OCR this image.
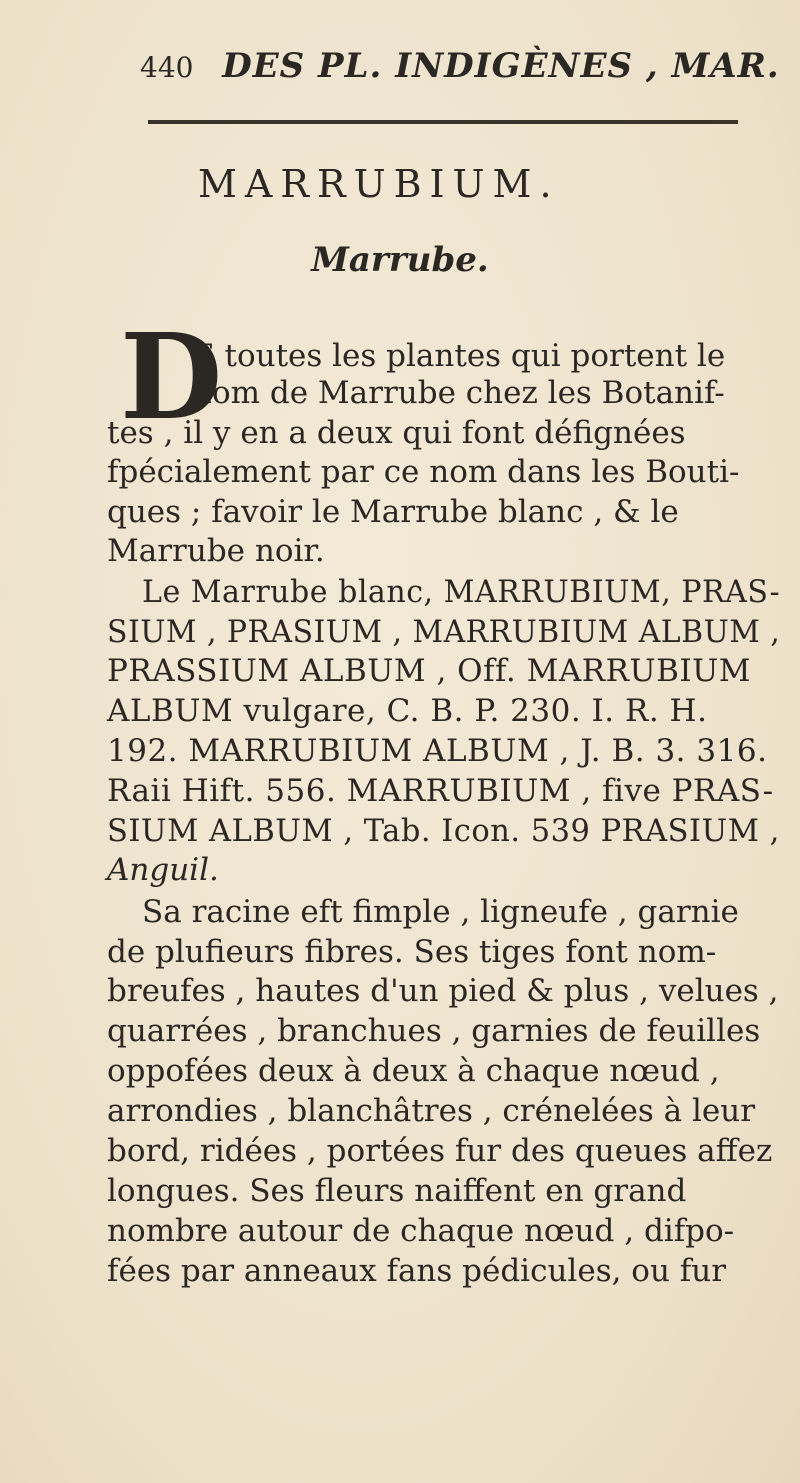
440 DES PL. INDIGÈNES , MAR.
MARRUBIUM.
Marrube.
D
E toutes les plantes qui portent le
nom de Marrube chez les Botanif-
tes , il y en a deux qui font défignées
fpécialement par ce nom dans les Bouti-
ques ; favoir le Marrube blanc , & le
Marrube noir.
Le Marrube blanc, MARRUBIUM, PRAS-
SIUM , PRASIUM , MARRUBIUM ALBUM ,
PRASSIUM ALBUM , Off. MARRUBIUM
ALBUM vulgare, C. B. P. 230. I. R. H.
192. MARRUBIUM ALBUM , J. B. 3. 316.
Raii Hift. 556. MARRUBIUM , five PRAS-
SIUM ALBUM , Tab. Icon. 539 PRASIUM ,
Anguil.
Sa racine eft fimple , ligneufe , garnie
de plufieurs fibres. Ses tiges font nom-
breufes , hautes d'un pied & plus , velues ,
quarrées , branchues , garnies de feuilles
oppofées deux à deux à chaque nœud ,
arrondies , blanchâtres , crénelées à leur
bord, ridées , portées fur des queues affez
longues. Ses fleurs naiffent en grand
nombre autour de chaque nœud , difpo-
fées par anneaux fans pédicules, ou fur
